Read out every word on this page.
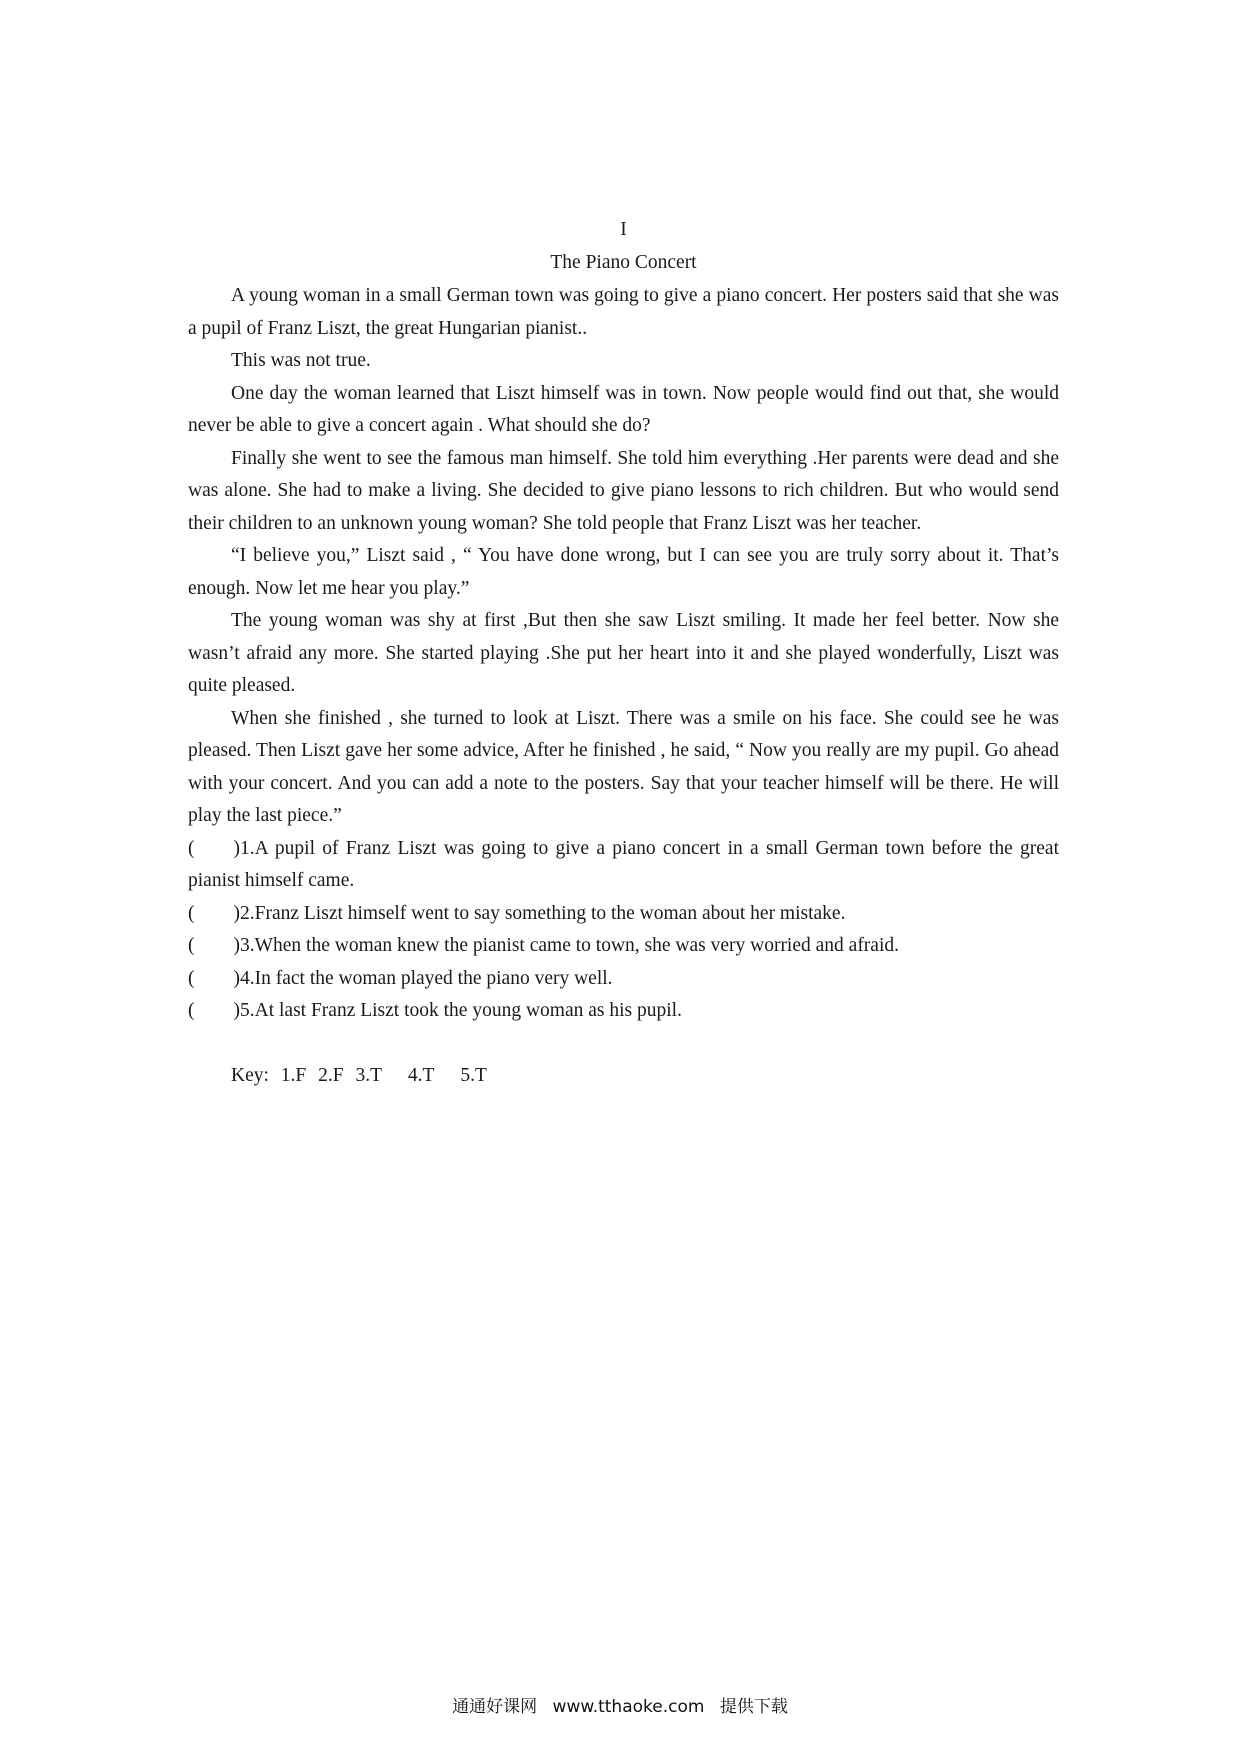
I
The Piano Concert

A young woman in a small German town was going to give a piano concert. Her posters said that she was a pupil of Franz Liszt, the great Hungarian pianist..

This was not true.

One day the woman learned that Liszt himself was in town. Now people would find out that, she would never be able to give a concert again . What should she do?

Finally she went to see the famous man himself. She told him everything .Her parents were dead and she was alone. She had to make a living. She decided to give piano lessons to rich children. But who would send their children to an unknown young woman? She told people that Franz Liszt was her teacher.

“I believe you,” Liszt said , “ You have done wrong, but I can see you are truly sorry about it. That’s enough. Now let me hear you play.”

The young woman was shy at first ,But then she saw Liszt smiling. It made her feel better. Now she wasn’t afraid any more. She started playing .She put her heart into it and she played wonderfully, Liszt was quite pleased.

When she finished , she turned to look at Liszt. There was a smile on his face. She could see he was pleased. Then Liszt gave her some advice, After he finished , he said, “ Now you really are my pupil. Go ahead with your concert. And you can add a note to the posters. Say that your teacher himself will be there. He will play the last piece.”

(        )1.A pupil of Franz Liszt was going to give a piano concert in a small German town before the great pianist himself came.
(        ) 2.Franz Liszt himself went to say something to the woman about her mistake.
(        ) 3.When the woman knew the pianist came to town, she was very worried and afraid.
(        ) 4.In fact the woman played the piano very well.
(        ) 5.At last Franz Liszt took the young woman as his pupil.
Key: 1.F 2.F 3.T 4.T 5.T
通通好课网 www.tthaoke.com 提供下载
